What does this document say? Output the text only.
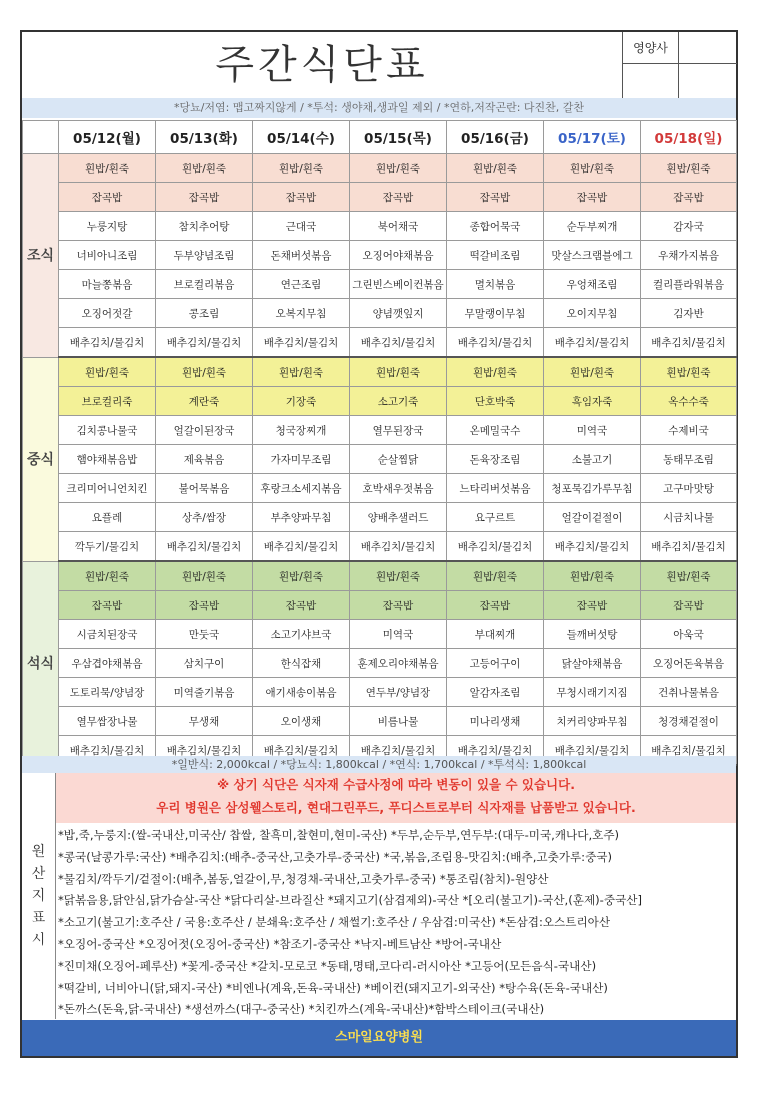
주간식단표	영양사
*당뇨/저염: 맵고짜지않게 / *투석: 생야채,생과일 제외 / *연하,저작곤란: 다진찬, 갈찬
	05/12(월)	05/13(화)	05/14(수)	05/15(목)	05/16(금)	05/17(토)	05/18(일)
조식	흰밥/흰죽	흰밥/흰죽	흰밥/흰죽	흰밥/흰죽	흰밥/흰죽	흰밥/흰죽	흰밥/흰죽
	잡곡밥	잡곡밥	잡곡밥	잡곡밥	잡곡밥	잡곡밥	잡곡밥
	누룽지탕	참치추어탕	근대국	북어채국	종합어묵국	순두부찌개	감자국
	너비아니조림	두부양념조림	돈채버섯볶음	오징어야채볶음	떡갈비조림	맛살스크램블에그	우채가지볶음
	마늘쫑볶음	브로컬리볶음	연근조림	그린빈스베이컨볶음	멸치볶음	우엉채조림	컬리플라워볶음
	오징어젓갈	콩조림	오복지무침	양념깻잎지	무말랭이무침	오이지무침	김자반
	배추김치/물김치	배추김치/물김치	배추김치/물김치	배추김치/물김치	배추김치/물김치	배추김치/물김치	배추김치/물김치
중식	흰밥/흰죽	흰밥/흰죽	흰밥/흰죽	흰밥/흰죽	흰밥/흰죽	흰밥/흰죽	흰밥/흰죽
	브로컬리죽	계란죽	기장죽	소고기죽	단호박죽	흑임자죽	옥수수죽
	김치콩나물국	얼갈이된장국	청국장찌개	열무된장국	온메밀국수	미역국	수제비국
	햄야채볶음밥	제육볶음	가자미무조림	순살찜닭	돈육장조림	소불고기	동태무조림
	크리미어니언치킨	불어묵볶음	후랑크소세지볶음	호박새우젓볶음	느타리버섯볶음	청포묵김가루무침	고구마맛탕
	요플레	상추/쌈장	부추양파무침	양배추샐러드	요구르트	얼갈이겉절이	시금치나물
	깍두기/물김치	배추김치/물김치	배추김치/물김치	배추김치/물김치	배추김치/물김치	배추김치/물김치	배추김치/물김치
석식	흰밥/흰죽	흰밥/흰죽	흰밥/흰죽	흰밥/흰죽	흰밥/흰죽	흰밥/흰죽	흰밥/흰죽
	잡곡밥	잡곡밥	잡곡밥	잡곡밥	잡곡밥	잡곡밥	잡곡밥
	시금치된장국	만둣국	소고기샤브국	미역국	부대찌개	들깨버섯탕	아욱국
	우삼겹야채볶음	삼치구이	한식잡채	훈제오리야채볶음	고등어구이	닭살야채볶음	오징어돈육볶음
	도토리묵/양념장	미역줄기볶음	애기새송이볶음	연두부/양념장	알감자조림	무청시래기지짐	건취나물볶음
	열무쌈장나물	무생채	오이생채	비름나물	미나리생채	치커리양파무침	청경채겉절이
	배추김치/물김치	배추김치/물김치	배추김치/물김치	배추김치/물김치	배추김치/물김치	배추김치/물김치	배추김치/물김치
*일반식: 2,000kcal / *당뇨식: 1,800kcal / *연식: 1,700kcal / *투석식: 1,800kcal
원
산
지
표
시
※ 상기 식단은 식자재 수급사정에 따라 변동이 있을 수 있습니다.
우리 병원은 삼성웰스토리, 현대그린푸드, 푸디스트로부터 식자재를 납품받고 있습니다.
*밥,죽,누룽지:(쌀-국내산,미국산/ 찹쌀, 찰흑미,찰현미,현미-국산) *두부,순두부,연두부:(대두-미국,캐나다,호주)
*콩국(날콩가루:국산) *배추김치:(배추-중국산,고춧가루-중국산) *국,볶음,조림용-맛김치:(배추,고춧가루:중국)
*물김치/깍두기/겉절이:(배추,봄동,얼갈이,무,청경채-국내산,고춧가루-중국) *통조림(참치)-원양산
*닭볶음용,닭안심,닭가슴살-국산 *닭다리살-브라질산 *돼지고기(삼겹제외)-국산 *[오리(불고기)-국산,(훈제)-중국산]
*소고기(불고기:호주산 / 국용:호주산 / 분쇄육:호주산 / 채썰기:호주산 / 우삼겹:미국산) *돈삼겹:오스트리아산
*오징어-중국산 *오징어젓(오징어-중국산) *참조기-중국산 *낙지-베트남산 *방어-국내산
*진미채(오징어-페루산) *꽃게-중국산 *갈치-모로코 *동태,명태,코다리-러시아산 *고등어(모든음식-국내산)
*떡갈비, 너비아니(닭,돼지-국산) *비엔나(계육,돈육-국내산) *베이컨(돼지고기-외국산) *탕수육(돈육-국내산)
*돈까스(돈육,닭-국내산) *생선까스(대구-중국산) *치킨까스(계육-국내산)*함박스테이크(국내산)
스마일요양병원
